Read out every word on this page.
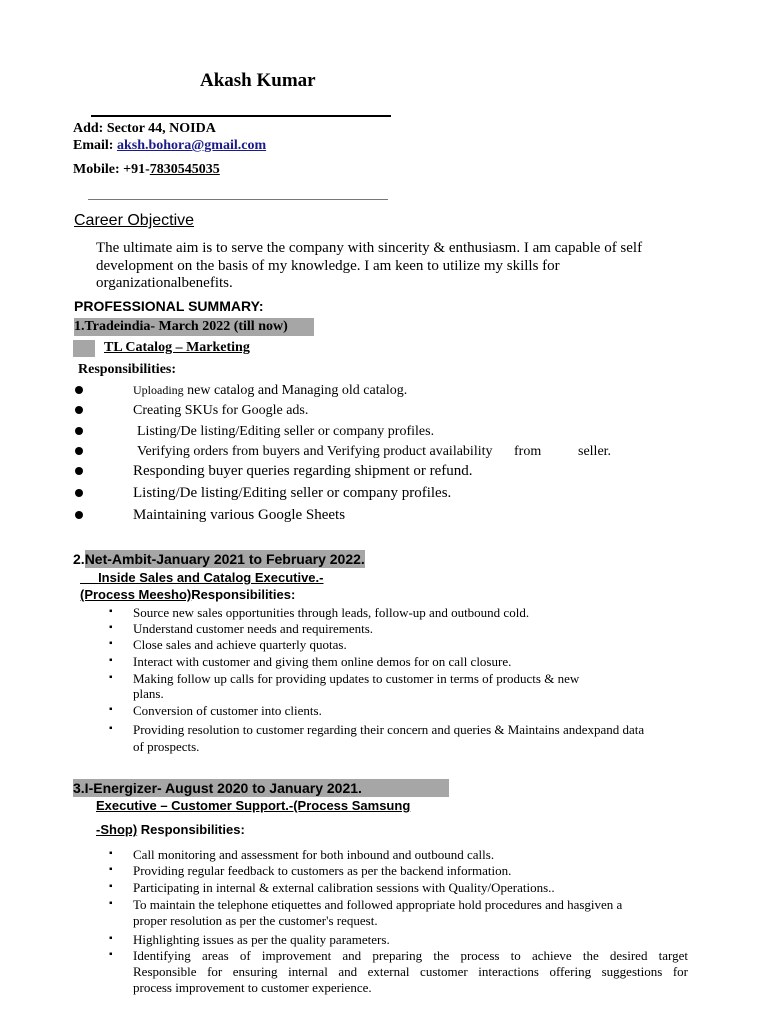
Akash Kumar
Add: Sector 44, NOIDA
Email: aksh.bohora@gmail.com
Mobile: +91-7830545035
Career Objective
The ultimate aim is to serve the company with sincerity & enthusiasm. I am capable of self
development on the basis of my knowledge. I am keen to utilize my skills for
organizationalbenefits.
PROFESSIONAL SUMMARY:
1.Tradeindia- March 2022 (till now)
TL Catalog – Marketing
Responsibilities:
Uploading new catalog and Managing old catalog.
Creating SKUs for Google ads.
Listing/De listing/Editing seller or company profiles.
Verifying orders from buyers and Verifying product availability from	seller.
Responding buyer queries regarding shipment or refund.
Listing/De listing/Editing seller or company profiles.
Maintaining various Google Sheets
2.Net-Ambit-January 2021 to February 2022.
Inside Sales and Catalog Executive.-
(Process Meesho)Responsibilities:
▪ Source new sales opportunities through leads, follow-up and outbound cold.
▪ Understand customer needs and requirements.
▪ Close sales and achieve quarterly quotas.
▪ Interact with customer and giving them online demos for on call closure.
▪ Making follow up calls for providing updates to customer in terms of products & new
plans.
▪ Conversion of customer into clients.
▪ Providing resolution to customer regarding their concern and queries & Maintains andexpand data
of prospects.
3.I-Energizer- August 2020 to January 2021.
Executive – Customer Support.-(Process Samsung
-Shop) Responsibilities:
▪ Call monitoring and assessment for both inbound and outbound calls.
▪ Providing regular feedback to customers as per the backend information.
▪ Participating in internal & external calibration sessions with Quality/Operations..
▪ To maintain the telephone etiquettes and followed appropriate hold procedures and hasgiven a
proper resolution as per the customer's request.
▪ Highlighting issues as per the quality parameters.
▪ Identifying areas of improvement and preparing the process to achieve the desired target
Responsible for ensuring internal and external customer interactions offering suggestions for
process improvement to customer experience.
